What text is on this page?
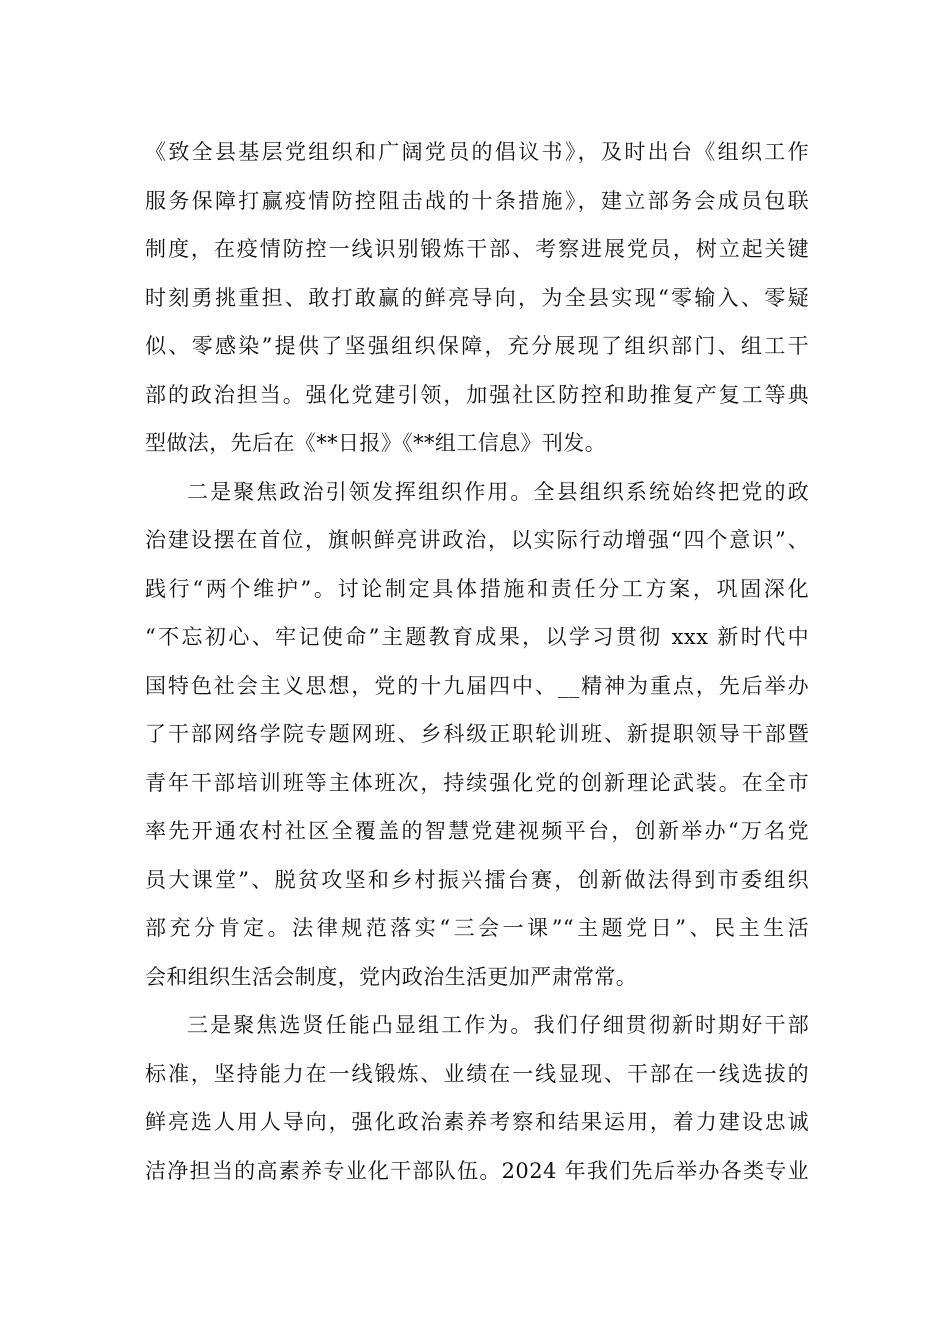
《致全县基层党组织和广阔党员的倡议书》，及时出台《组织工作
服务保障打赢疫情防控阻击战的十条措施》，建立部务会成员包联
制度，在疫情防控一线识别锻炼干部、考察进展党员，树立起关键
时刻勇挑重担、敢打敢赢的鲜亮导向，为全县实现“零输入、零疑
似、零感染”提供了坚强组织保障，充分展现了组织部门、组工干
部的政治担当。强化党建引领，加强社区防控和助推复产复工等典
型做法，先后在《**日报》《**组工信息》刊发。
二是聚焦政治引领发挥组织作用。全县组织系统始终把党的政
治建设摆在首位，旗帜鲜亮讲政治，以实际行动增强“四个意识”、
践行“两个维护”。讨论制定具体措施和责任分工方案，巩固深化
“不忘初心、牢记使命”主题教育成果，以学习贯彻 xxx 新时代中
国特色社会主义思想，党的十九届四中、__精神为重点，先后举办
了干部网络学院专题网班、乡科级正职轮训班、新提职领导干部暨
青年干部培训班等主体班次，持续强化党的创新理论武装。在全市
率先开通农村社区全覆盖的智慧党建视频平台，创新举办“万名党
员大课堂”、脱贫攻坚和乡村振兴擂台赛，创新做法得到市委组织
部充分肯定。法律规范落实“三会一课”“主题党日”、民主生活
会和组织生活会制度，党内政治生活更加严肃常常。
三是聚焦选贤任能凸显组工作为。我们仔细贯彻新时期好干部
标准，坚持能力在一线锻炼、业绩在一线显现、干部在一线选拔的
鲜亮选人用人导向，强化政治素养考察和结果运用，着力建设忠诚
洁净担当的高素养专业化干部队伍。2024 年我们先后举办各类专业
